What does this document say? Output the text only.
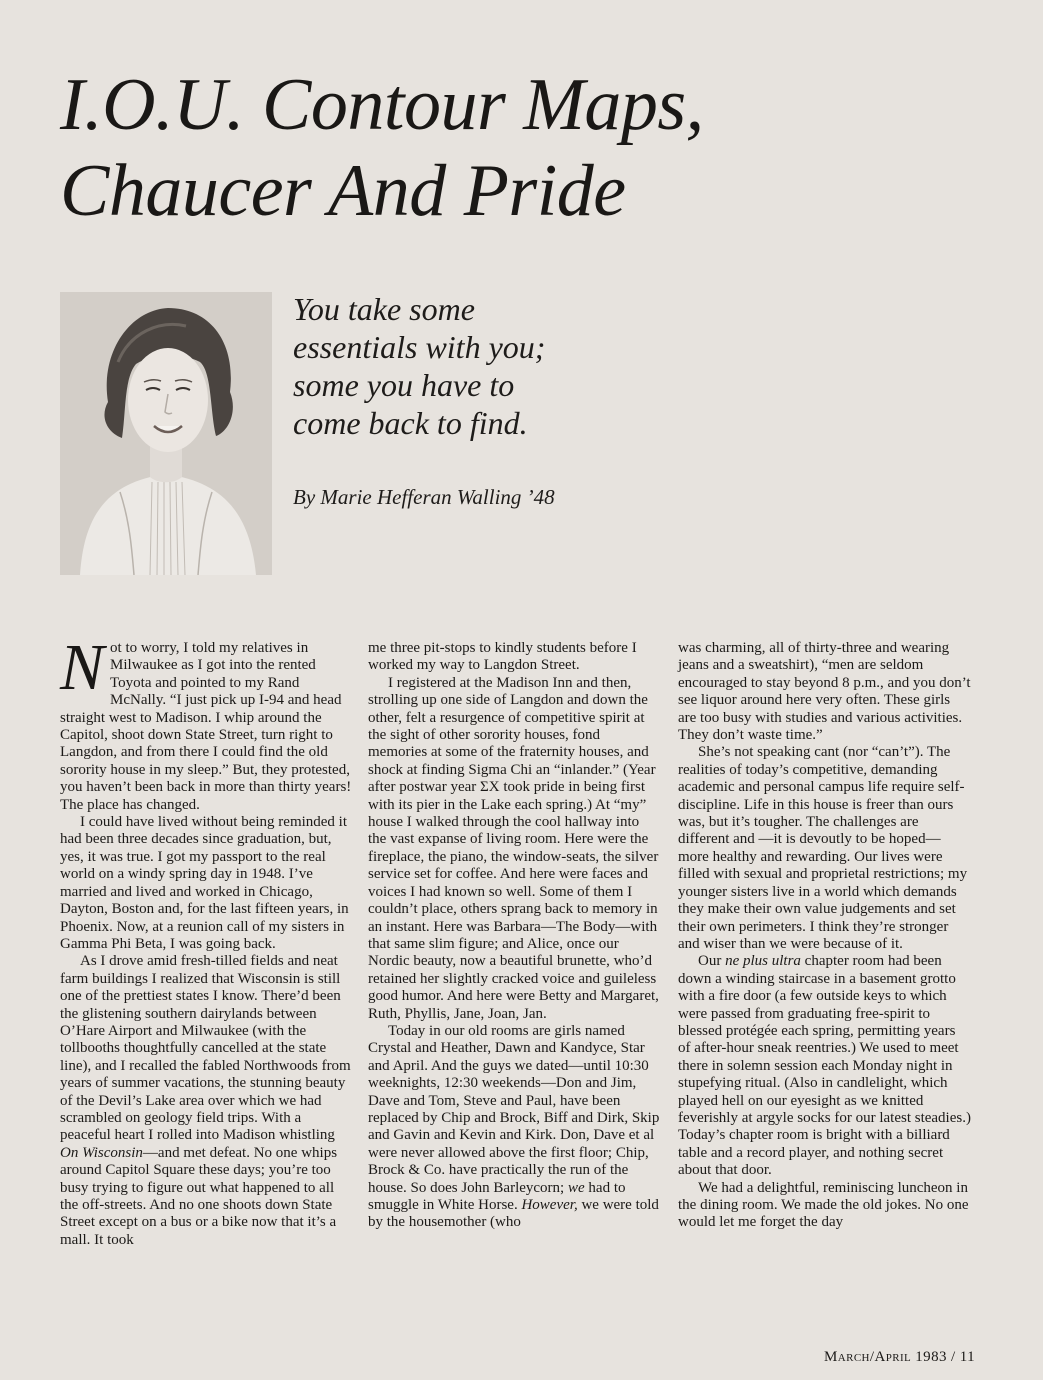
I.O.U. Contour Maps,
Chaucer And Pride
You take some
essentials with you;
some you have to
come back to find.
By Marie Hefferan Walling ’48

Not to worry, I told my relatives in Milwaukee as I got into the rented Toyota and pointed to my Rand McNally. “I just pick up I-94 and head straight west to Madison. I whip around the Capitol, shoot down State Street, turn right to Langdon, and from there I could find the old sorority house in my sleep.” But, they protested, you haven’t been back in more than thirty years! The place has changed.

I could have lived without being reminded it had been three decades since graduation, but, yes, it was true. I got my passport to the real world on a windy spring day in 1948. I’ve married and lived and worked in Chicago, Dayton, Boston and, for the last fifteen years, in Phoenix. Now, at a reunion call of my sisters in Gamma Phi Beta, I was going back.

As I drove amid fresh-tilled fields and neat farm buildings I realized that Wisconsin is still one of the prettiest states I know. There’d been the glistening southern dairylands between O’Hare Airport and Milwaukee (with the tollbooths thoughtfully cancelled at the state line), and I recalled the fabled Northwoods from years of summer vacations, the stunning beauty of the Devil’s Lake area over which we had scrambled on geology field trips. With a peaceful heart I rolled into Madison whistling On Wisconsin—and met defeat. No one whips around Capitol Square these days; you’re too busy trying to figure out what happened to all the off-streets. And no one shoots down State Street except on a bus or a bike now that it’s a mall. It took

me three pit-stops to kindly students before I worked my way to Langdon Street.

I registered at the Madison Inn and then, strolling up one side of Langdon and down the other, felt a resurgence of competitive spirit at the sight of other sorority houses, fond memories at some of the fraternity houses, and shock at finding Sigma Chi an “inlander.” (Year after postwar year ΣX took pride in being first with its pier in the Lake each spring.) At “my” house I walked through the cool hallway into the vast expanse of living room. Here were the fireplace, the piano, the window-seats, the silver service set for coffee. And here were faces and voices I had known so well. Some of them I couldn’t place, others sprang back to memory in an instant. Here was Barbara—The Body—with that same slim figure; and Alice, once our Nordic beauty, now a beautiful brunette, who’d retained her slightly cracked voice and guileless good humor. And here were Betty and Margaret, Ruth, Phyllis, Jane, Joan, Jan.

Today in our old rooms are girls named Crystal and Heather, Dawn and Kandyce, Star and April. And the guys we dated—until 10:30 weeknights, 12:30 weekends—Don and Jim, Dave and Tom, Steve and Paul, have been replaced by Chip and Brock, Biff and Dirk, Skip and Gavin and Kevin and Kirk. Don, Dave et al were never allowed above the first floor; Chip, Brock & Co. have practically the run of the house. So does John Barleycorn; we had to smuggle in White Horse. However, we were told by the housemother (who

was charming, all of thirty-three and wearing jeans and a sweatshirt), “men are seldom encouraged to stay beyond 8 p.m., and you don’t see liquor around here very often. These girls are too busy with studies and various activities. They don’t waste time.”

She’s not speaking cant (nor “can’t”). The realities of today’s competitive, demanding academic and personal campus life require self-discipline. Life in this house is freer than ours was, but it’s tougher. The challenges are different and —it is devoutly to be hoped—more healthy and rewarding. Our lives were filled with sexual and proprietal restrictions; my younger sisters live in a world which demands they make their own value judgements and set their own perimeters. I think they’re stronger and wiser than we were because of it.

Our ne plus ultra chapter room had been down a winding staircase in a basement grotto with a fire door (a few outside keys to which were passed from graduating free-spirit to blessed protégée each spring, permitting years of after-hour sneak reentries.) We used to meet there in solemn session each Monday night in stupefying ritual. (Also in candlelight, which played hell on our eyesight as we knitted feverishly at argyle socks for our latest steadies.) Today’s chapter room is bright with a billiard table and a record player, and nothing secret about that door.

We had a delightful, reminiscing luncheon in the dining room. We made the old jokes. No one would let me forget the day

March/April 1983 / 11
